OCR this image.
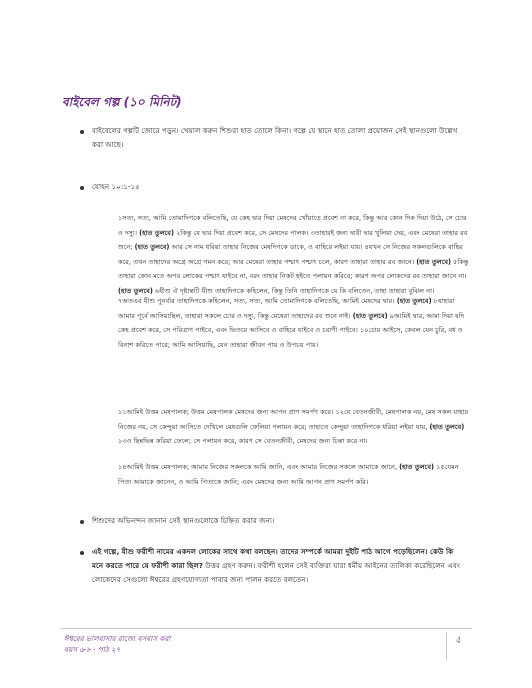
বাইবেল গল্প (১০ মিনিট)
বাইবেলের গল্পটি জোরে পড়ুন। খেয়াল করুন শিশুরা হাত তোলে কিনা। গল্পে যে স্থানে হাত তোলা প্রয়োজন সেই স্থানগুলো উল্লেখ করা আছে।
যোহন ১০:১-১৫
১সত্য, সত্য, আমি তোমাদিগকে বলিতেছি, যে কেহ দ্বার দিয়া মেষদের খোঁয়াড়ে প্রবেশ না করে, কিন্তু আর কোন দিক দিয়া উঠে, সে চোর ও দস্যু। (হাত তুলবে) ২কিন্তু যে দ্বার দিয়া প্রবেশ করে, সে মেষদের পালক। ৩তাহারই জন্য দ্বারী দ্বার খুলিয়া দেয়, এবং মেষেরা তাহার রব শুনে; (হাত তুলবে) আর সে নাম ধরিয়া তাহার নিজের মেষদিগকে ডাকে, ও বাহিরে লইয়া যায়। ৪যখন সে নিজের সকলগুলিকে বাহির করে, তখন তাহাদের অগ্রে অগ্রে গমন করে; আর মেষেরা তাহার পশ্চাৎ পশ্চাৎ চলে, কারণ তাহারা তাহার রব জানে। (হাত তুলবে) ৫কিন্তু তাহারা কোন মতে অপর লোকের পশ্চাৎ যাইবে না, বরং তাহার নিকট হইতে পলায়ন করিবে; কারণ অপর লোকদের রব তাহারা জানে না। (হাত তুলবে) ৬যীশু ঐ দৃষ্টান্তটি যীশু তাহাদিগকে কহিলেন, কিন্তু তিনি তাহাদিগকে যে কি বলিতেন, তাহা তাহারা বুঝিল না।
৭অতএব যীশু পুনর্বার তাহাদিগকে কহিলেন, সত্য, সত্য, আমি তোমাদিগকে বলিতেছি, আমিই মেষদের দ্বার। (হাত তুলবে) ৮যাহারা আমার পূর্বে আসিয়াছিল, তাহারা সকলে চোর ও দস্যু, কিন্তু মেষেরা তাহাদের রব শুনে নাই। (হাত তুলবে) ৯আমিই দ্বার, আমা দিয়া যদি কেহ প্রবেশ করে, সে পরিত্রাণ পাইবে, এবং ভিতরে আসিবে ও বাহিরে যাইবে ও চরাণী পাইবে। ১০চোর আইসে, কেবল যেন চুরি, বধ ও বিনাশ করিতে পারে; আমি আসিয়াছি, যেন তাহারা জীবন পায় ও উপচয় পায়।
১১আমিই উত্তম মেষপালক; উত্তম মেষপালক মেষদের জন্য আপন প্রাণ সমর্পণ করে। ১২যে বেতনজীবী, মেষপালক নয়, মেষ সকল যাহার নিজের নয়, সে কেন্দুয়া আসিতে দেখিলে মেষগুলি ফেলিয়া পলায়ন করে; তাহাতে কেন্দুয়া তাহাদিগকে ধরিয়া লইয়া যায়, (হাত তুলবে) ১৩ও ছিন্নভিন্ন করিয়া ফেলে; সে পলায়ন করে, কারণ সে বেতনজীবী, মেষদের জন্য চিন্তা করে না।
১৪আমিই উত্তম মেষপালক; আমার নিজের সকলকে আমি জানি, এবং আমার নিজের সকলে আমাকে জানে, (হাত তুলবে) ১৫যেমন পিতা আমাকে জানেন, ও আমি পিতাকে জানি; এবং মেষদের জন্য আমি আপন প্রাণ সমর্পণ করি।
শিশুদের অভিনন্দন জানান সেই স্থানগুলোকে চিহ্নিত করার জন্য।
এই গল্পে, যীশু ফরীশী নামের একদল লোকের সাথে কথা বলছেন। তাদের সম্পর্কে আমরা দুইটি পাঠ আগে পড়েছিলেন। কেউ কি মনে করতে পারে যে ফরীশী কারা ছিল? উত্তর গ্রহণ করুন। ফরীশী হলেন সেই ব্যক্তিরা যারা ধর্মীয় আইনের তালিকা করেছিলেন এবং লোকেদের সেগুলো ঈশ্বরের গ্রহণযোগ্যতা পাবার জন্য পালন করতে বলতেন।
ঈশ্বরের ভালবাসার রাজ্যে বসবাস করা
বয়স ৬-৮ · পাঠ ২৭
4
